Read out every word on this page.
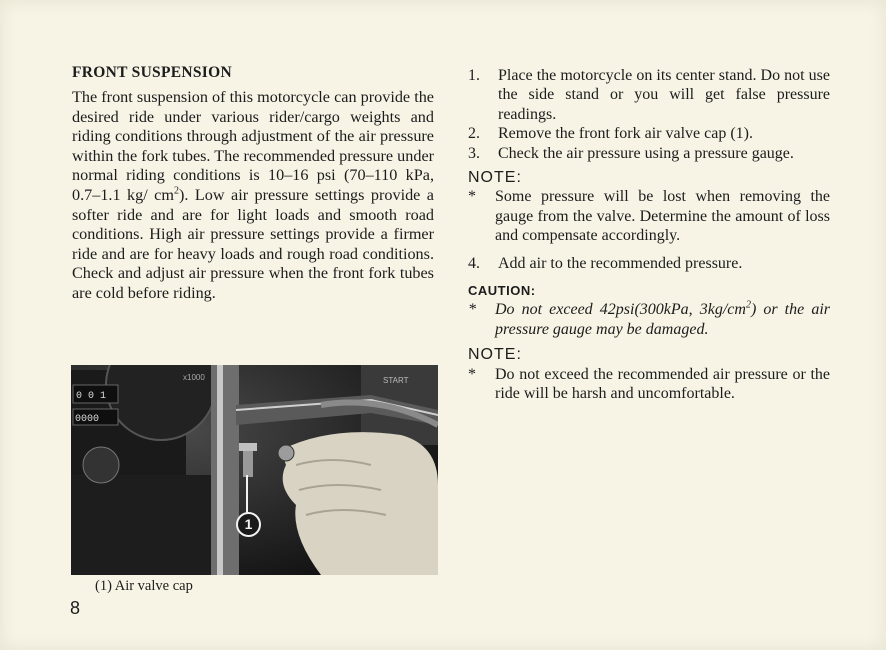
FRONT SUSPENSION

The front suspension of this motorcycle can provide the desired ride under various rider/cargo weights and riding conditions through adjustment of the air pressure within the fork tubes. The recommended pressure under normal riding conditions is 10–16 psi (70–110 kPa, 0.7–1.1 kg/ $cm^2$). Low air pressure settings provide a softer ride and are for light loads and smooth road conditions. High air pressure settings provide a firmer ride and are for heavy loads and rough road conditions.

Check and adjust air pressure when the front fork tubes are cold before riding.

0 0 1
0000
x1000	START
1
(1) Air valve cap
8
1.	Place the motorcycle on its center stand. Do not use the side stand or you will get false pressure readings.
2.	Remove the front fork air valve cap (1).
3.	Check the air pressure using a pressure gauge.
NOTE:
*	Some pressure will be lost when removing the gauge from the valve. Determine the amount of loss and compensate accordingly.
4.	Add air to the recommended pressure.
CAUTION:
*	Do not exceed 42psi(300kPa, $3kg/cm^2$) or the air pressure gauge may be damaged.
NOTE:
*	Do not exceed the recommended air pressure or the ride will be harsh and uncomfortable.
